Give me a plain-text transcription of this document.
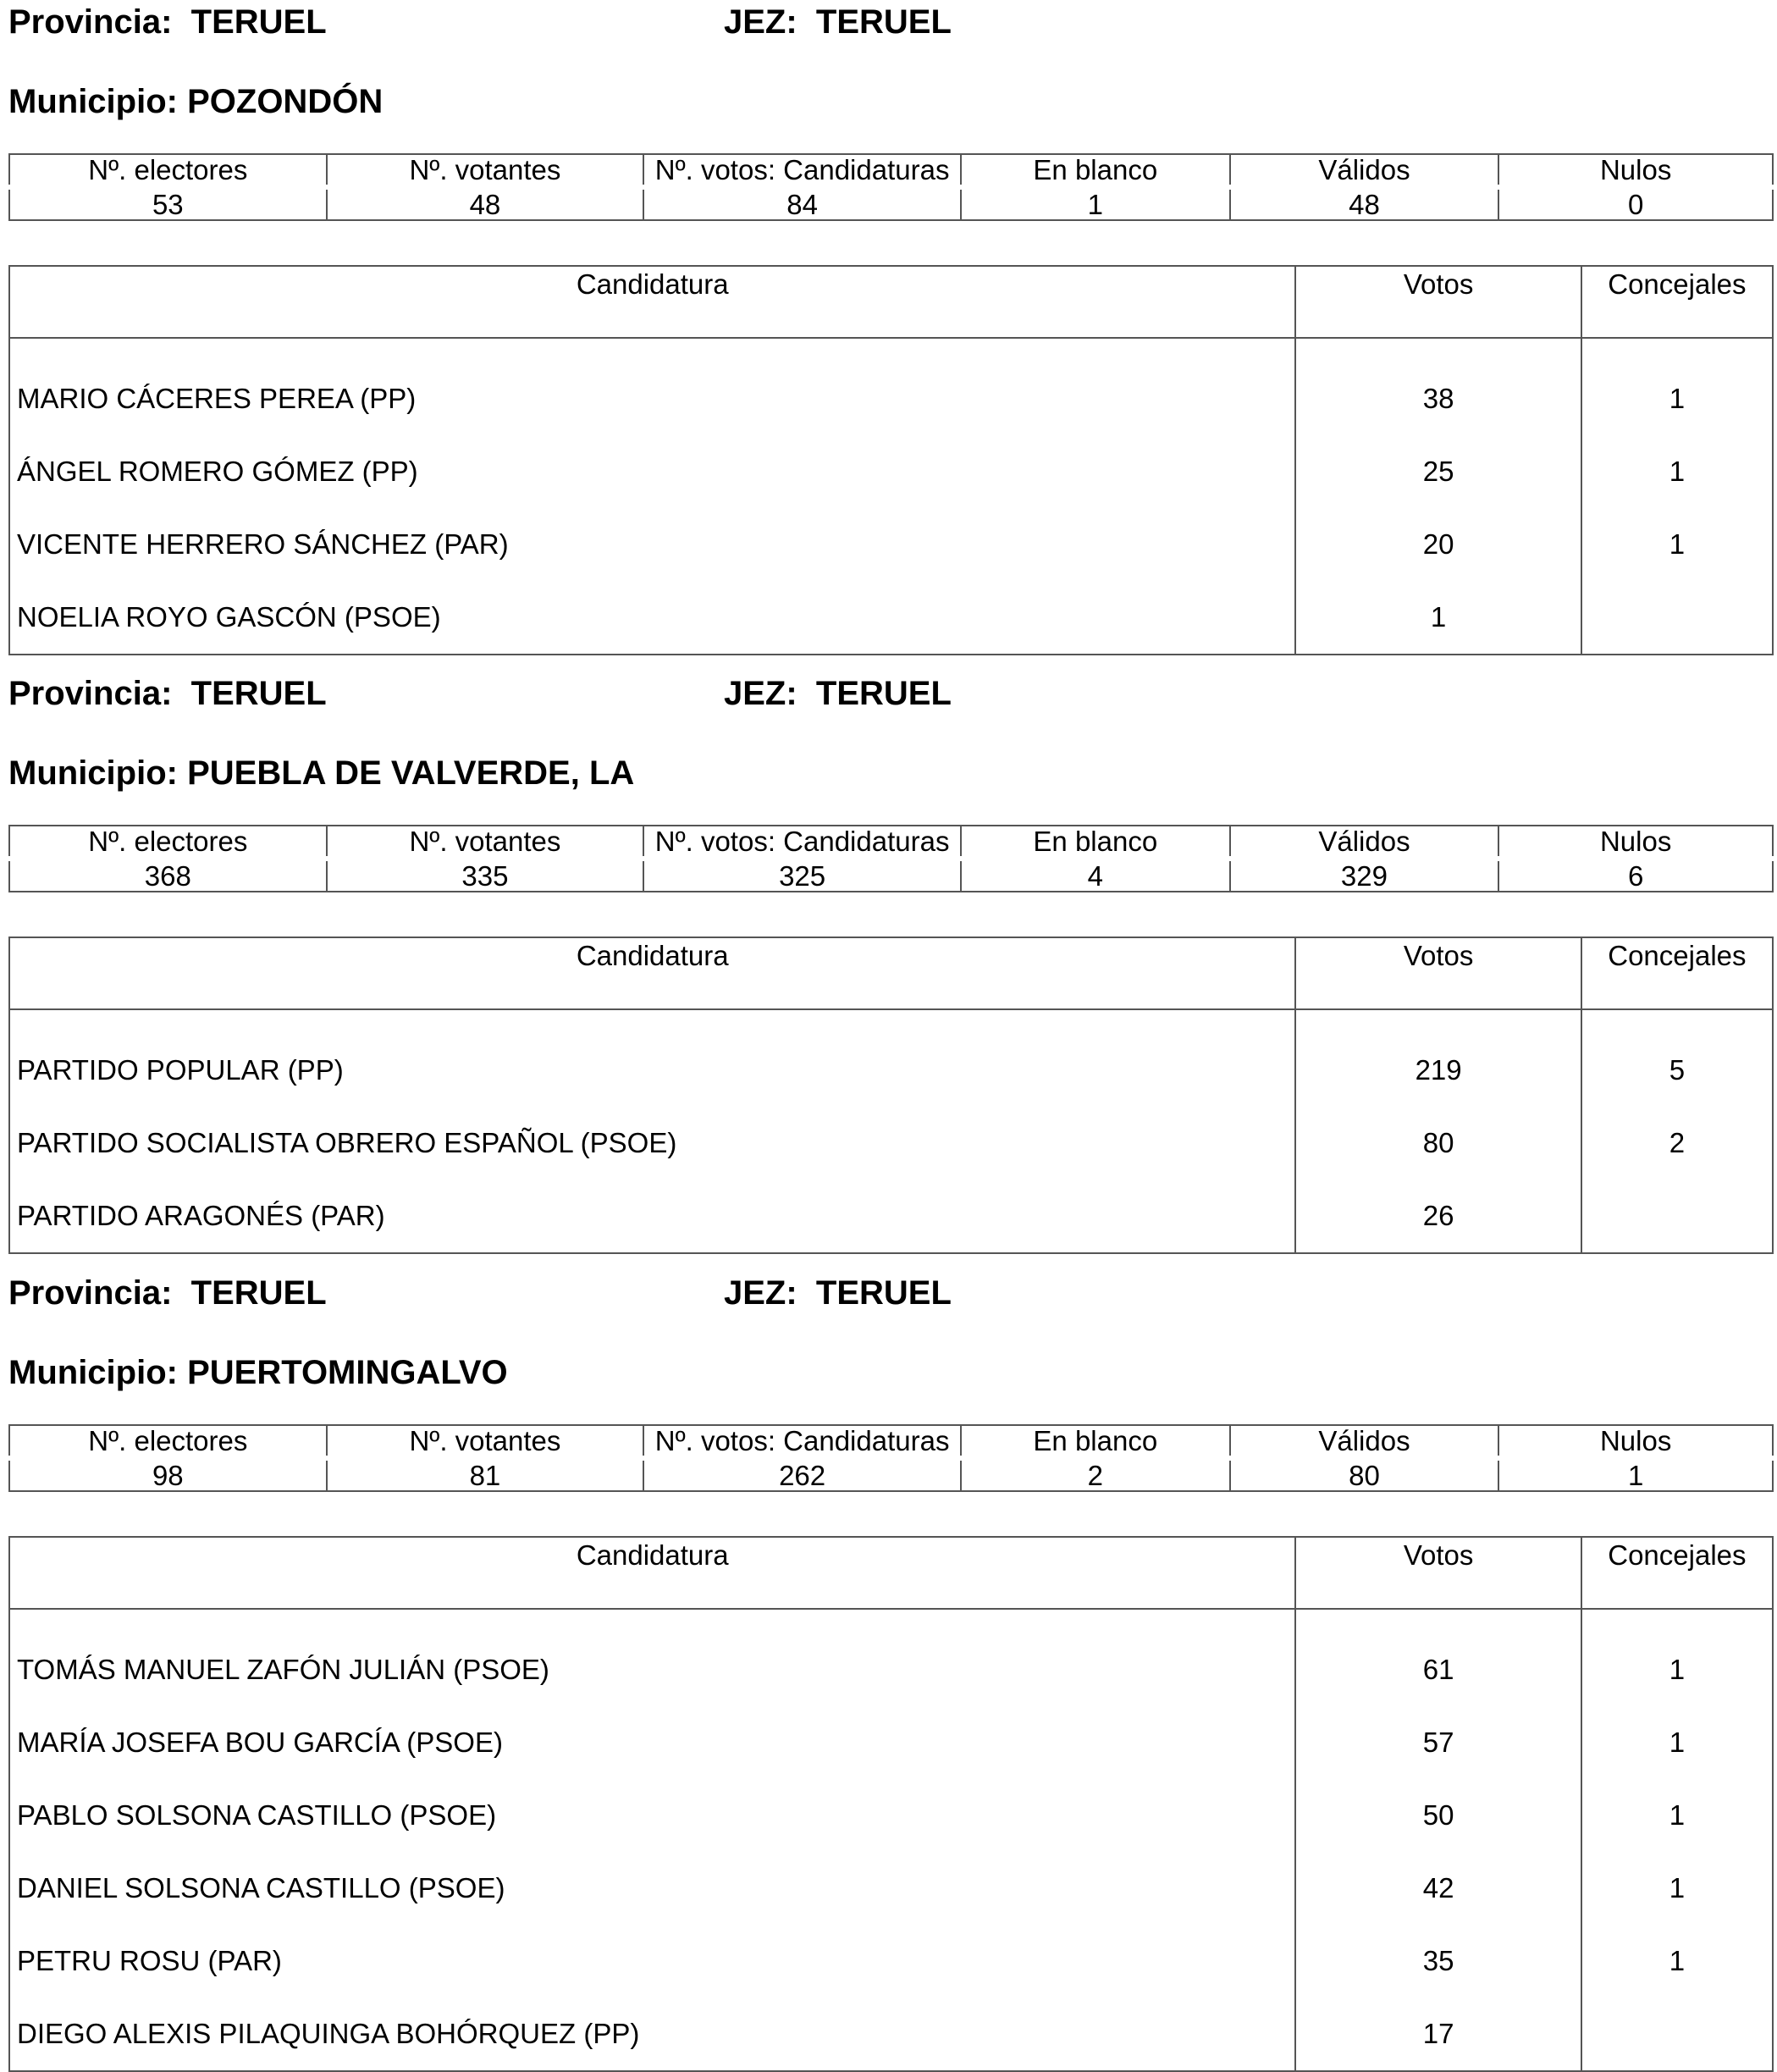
Provincia: TERUEL	JEZ: TERUEL
Municipio: POZONDÓN
Nº. electores	Nº. votantes	Nº. votos: Candidaturas	En blanco	Válidos	Nulos
53	48	84	1	48	0
Candidatura	Votos	Concejales
MARIO CÁCERES PEREA (PP)	38	1
ÁNGEL ROMERO GÓMEZ (PP)	25	1
VICENTE HERRERO SÁNCHEZ (PAR)	20	1
NOELIA ROYO GASCÓN (PSOE)	1	
Provincia: TERUEL	JEZ: TERUEL
Municipio: PUEBLA DE VALVERDE, LA
Nº. electores	Nº. votantes	Nº. votos: Candidaturas	En blanco	Válidos	Nulos
368	335	325	4	329	6
Candidatura	Votos	Concejales
PARTIDO POPULAR (PP)	219	5
PARTIDO SOCIALISTA OBRERO ESPAÑOL (PSOE)	80	2
PARTIDO ARAGONÉS (PAR)	26	
Provincia: TERUEL	JEZ: TERUEL
Municipio: PUERTOMINGALVO
Nº. electores	Nº. votantes	Nº. votos: Candidaturas	En blanco	Válidos	Nulos
98	81	262	2	80	1
Candidatura	Votos	Concejales
TOMÁS MANUEL ZAFÓN JULIÁN (PSOE)	61	1
MARÍA JOSEFA BOU GARCÍA (PSOE)	57	1
PABLO SOLSONA CASTILLO (PSOE)	50	1
DANIEL SOLSONA CASTILLO (PSOE)	42	1
PETRU ROSU (PAR)	35	1
DIEGO ALEXIS PILAQUINGA BOHÓRQUEZ (PP)	17	
